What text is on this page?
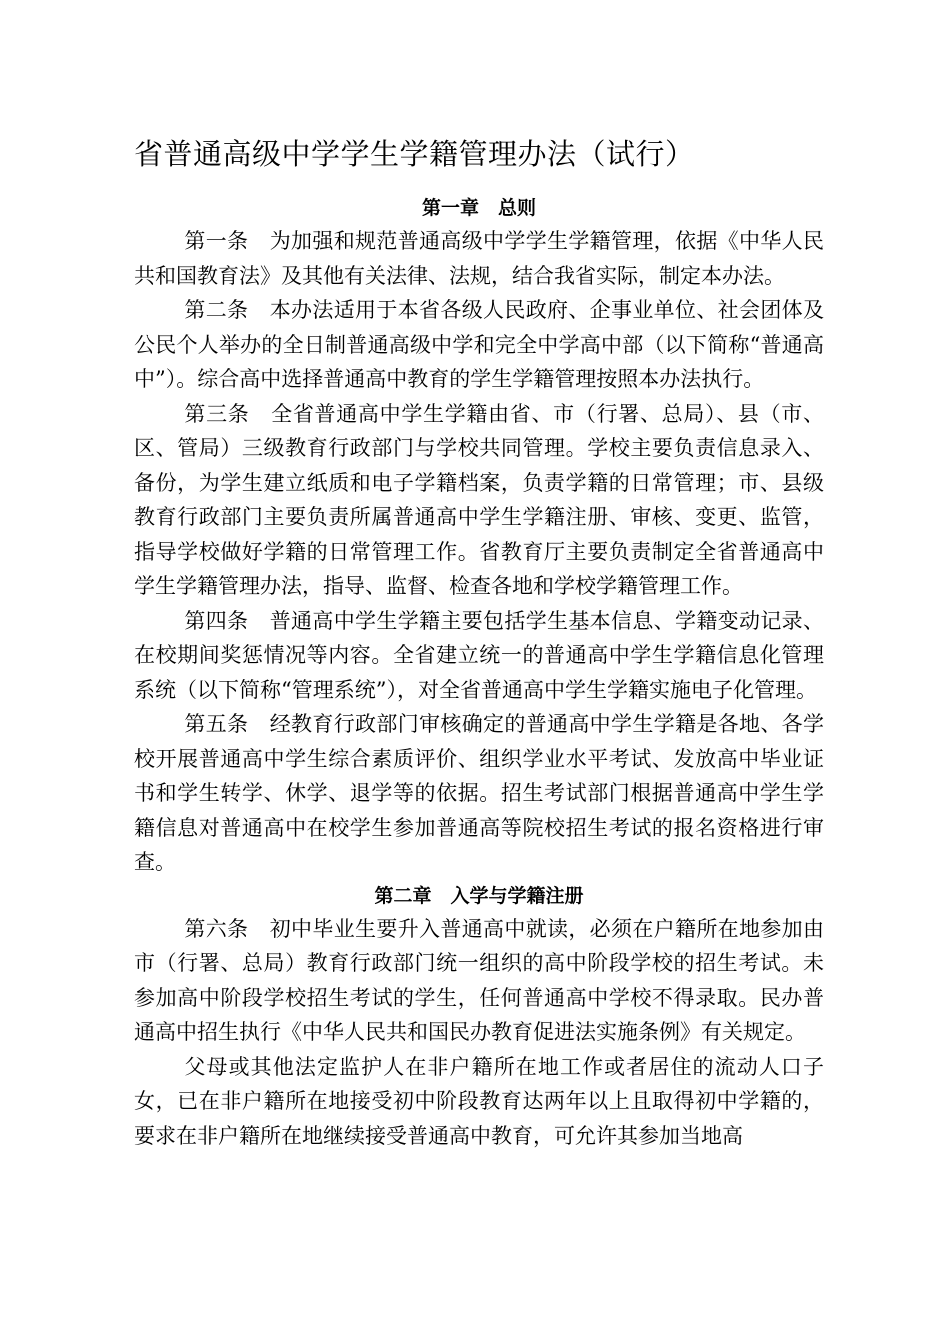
省普通高级中学学生学籍管理办法（试行）
第一章　总则

第一条　为加强和规范普通高级中学学生学籍管理，依据《中华人民共和国教育法》及其他有关法律、法规，结合我省实际，制定本办法。

第二条　本办法适用于本省各级人民政府、企事业单位、社会团体及公民个人举办的全日制普通高级中学和完全中学高中部（以下简称“普通高中”）。综合高中选择普通高中教育的学生学籍管理按照本办法执行。

第三条　全省普通高中学生学籍由省、市（行署、总局）、县（市、区、管局）三级教育行政部门与学校共同管理。学校主要负责信息录入、备份，为学生建立纸质和电子学籍档案，负责学籍的日常管理；市、县级教育行政部门主要负责所属普通高中学生学籍注册、审核、变更、监管，指导学校做好学籍的日常管理工作。省教育厅主要负责制定全省普通高中学生学籍管理办法，指导、监督、检查各地和学校学籍管理工作。

第四条　普通高中学生学籍主要包括学生基本信息、学籍变动记录、在校期间奖惩情况等内容。全省建立统一的普通高中学生学籍信息化管理系统（以下简称“管理系统”），对全省普通高中学生学籍实施电子化管理。

第五条　经教育行政部门审核确定的普通高中学生学籍是各地、各学校开展普通高中学生综合素质评价、组织学业水平考试、发放高中毕业证书和学生转学、休学、退学等的依据。招生考试部门根据普通高中学生学籍信息对普通高中在校学生参加普通高等院校招生考试的报名资格进行审查。

第二章　入学与学籍注册

第六条　初中毕业生要升入普通高中就读，必须在户籍所在地参加由市（行署、总局）教育行政部门统一组织的高中阶段学校的招生考试。未参加高中阶段学校招生考试的学生，任何普通高中学校不得录取。民办普通高中招生执行《中华人民共和国民办教育促进法实施条例》有关规定。

父母或其他法定监护人在非户籍所在地工作或者居住的流动人口子女，已在非户籍所在地接受初中阶段教育达两年以上且取得初中学籍的，要求在非户籍所在地继续接受普通高中教育，可允许其参加当地高
